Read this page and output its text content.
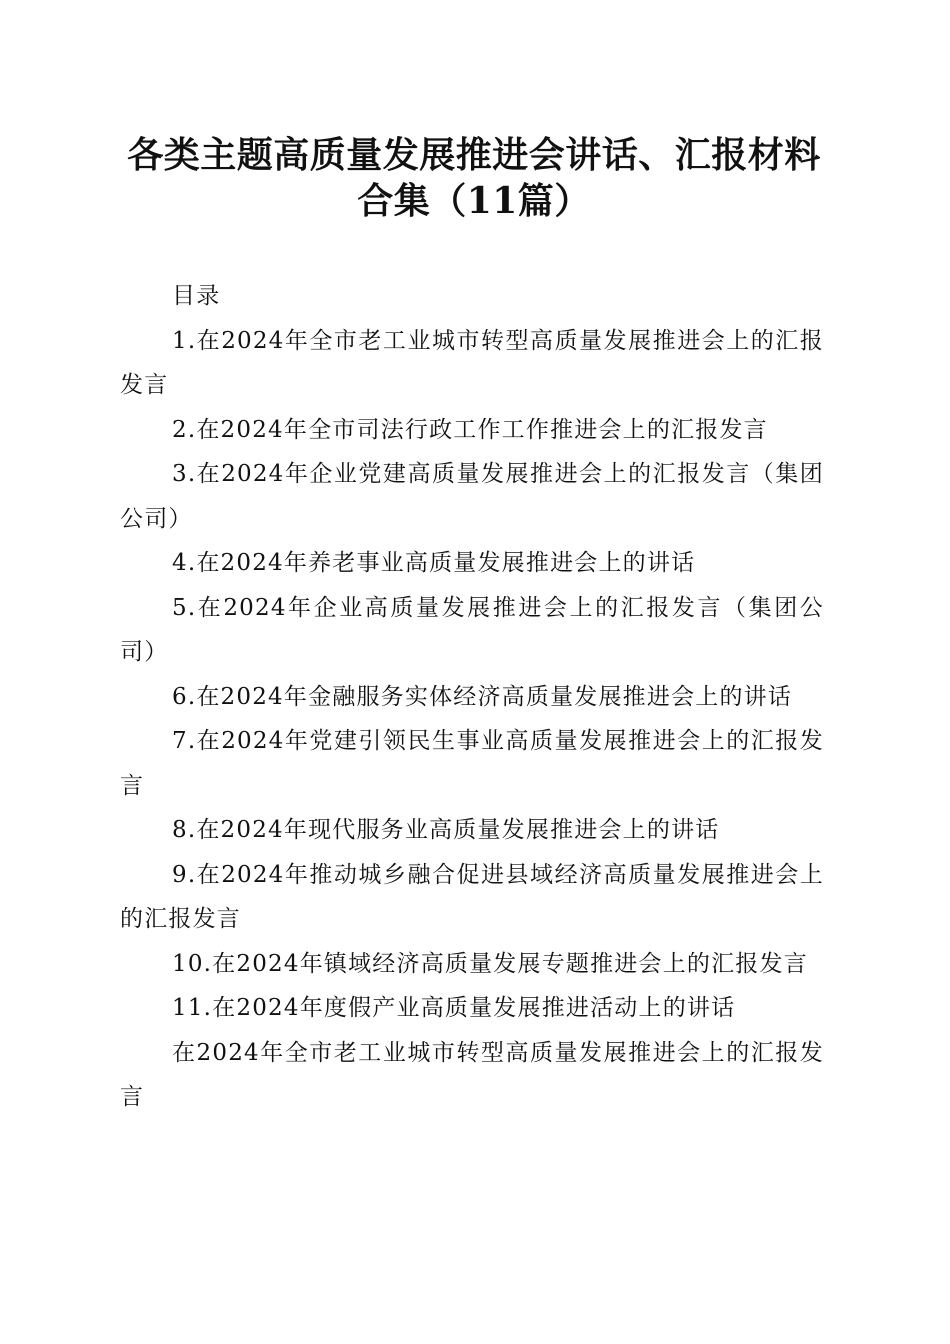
各类主题高质量发展推进会讲话、汇报材料合集（11篇）

目录

1.在2024年全市老工业城市转型高质量发展推进会上的汇报发言

2.在2024年全市司法行政工作工作推进会上的汇报发言

3.在2024年企业党建高质量发展推进会上的汇报发言（集团公司）

4.在2024年养老事业高质量发展推进会上的讲话

5.在2024年企业高质量发展推进会上的汇报发言（集团公司）

6.在2024年金融服务实体经济高质量发展推进会上的讲话

7.在2024年党建引领民生事业高质量发展推进会上的汇报发言

8.在2024年现代服务业高质量发展推进会上的讲话

9.在2024年推动城乡融合促进县域经济高质量发展推进会上的汇报发言

10.在2024年镇域经济高质量发展专题推进会上的汇报发言

11.在2024年度假产业高质量发展推进活动上的讲话

在2024年全市老工业城市转型高质量发展推进会上的汇报发言
